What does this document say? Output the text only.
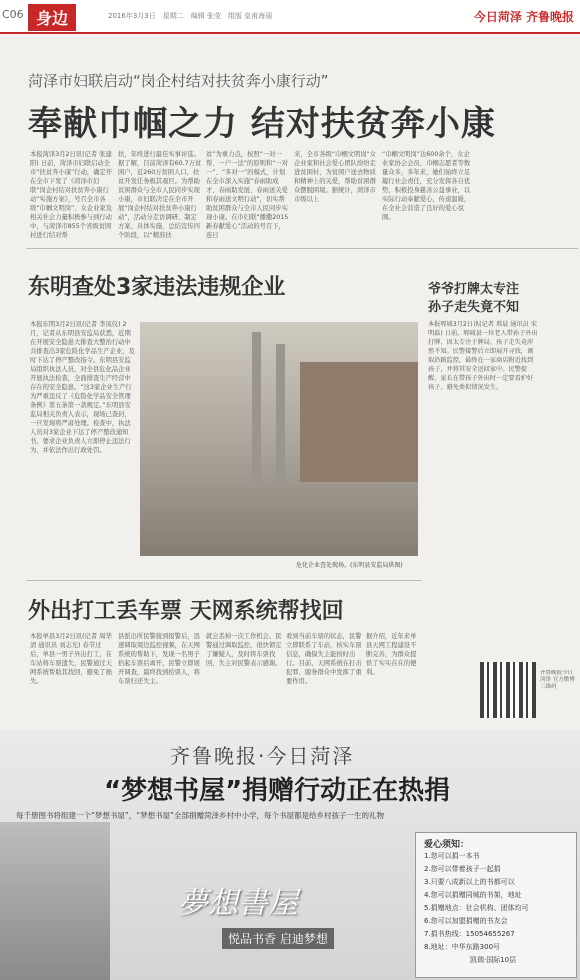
C06 身边	2016年3月3日　星期二　编辑 张莹　组版 皇甫海丽	今日菏泽 齐鲁晚报
菏泽市妇联启动“岗企村结对扶贫奔小康行动”
奉献巾帼之力 结对扶贫奔小康
本报菏泽3月2日讯(记者 张建阳) 日前，菏泽市妇联启动全市“扶贫奔小康”行动，确定开在全市下发了《菏泽市妇联“岗企村结对扶贫奔小康行动”实施方案》，号召全市各级“巾帼文明岗”、女企业家及相关社会力量积极参与到行动中，与菏泽市855个省级贫困村进行结对帮
扶，年终进行最佳实事评选。据了解，目前菏泽有60.7万贫困户，近260万贫困人口，扶贫开发任务极其艰巨。为帮助贫困群众与全市人民同步实现小康，市妇联决定在全市开展“岗企村结对扶贫奔小康行动”，活动分走访调研、制定方案、具体实施、总结宣传四个阶段，以“精准扶
贫”为重力点，按照“一对一帮、一户一法”的原则和“一对一”、“多对一”的模式，计划在全市深入实施“春雨助成才、春雨助发展、春雨送关爱和春雨送文明行动”，切实帮助贫困群众与全市人民同步实现小康。在市妇联“播撒2015新春献爱心”活动的号召下，连日
来，全市各级“巾帼文明岗”女企业家和社会爱心团队纷纷走进贫困村，为贫困户送去物质和精神上的关爱，帮助贫困群众摆脱困境。据统计，菏泽市市级以上
“巾帼文明岗”达600余个，女企业家协会会员、巾帼志愿者等数量众多，多年来，她们始终立足履行社会责任，充分发挥各自优势，积极投身慈善公益事业，以实际行动奉献爱心，传递温暖，在全社会营造了良好的爱心氛围。
爷爷打牌太专注
孙子走失竟不知
本报郓城3月2日讯(记者 邢晨 通讯员 宋明磊) 日前，郓城县一位老人带孙子外出打牌，因太专注于牌局，孩子走失竟浑然不知。民警接警后立即展开寻找，调取沿路监控，最终在一家商店附近找到孩子，并将其安全送回家中。民警提醒，家长在带孩子外出时一定要看护好孩子，避免类似情况发生。
齐鲁晚报今日菏泽 官方微博二维码
东明查处3家违法违规企业
本报东明3月2日讯(记者 李凤仪) 2月，记者从东明县安监局获悉，近期在开展安全隐患大排查大整治行动中共排查出3家危险化学品生产企业，及时下达了停产整改指令。东明县安监局组织执法人员，对全县危化品企业开展执法检查，全面排查生产经营中存在的安全隐患。“这3家企业生产行为严重违反了《危险化学品安全管理条例》第五条第一款规定。”东明县安监局相关负责人表示，现场已查封，一旦发现将严肃处理。检查中，执法人员对3家企业下达了停产整改通知书，要求企业负责人立即停止违法行为，并依法作出行政处罚。
危化企业查处现场。(东明县安监局供图)
外出打工丢车票 天网系统帮找回
本报单县3月2日讯(记者 周华清 通讯员 刘志光) 春节过后，单县一男子外出打工，在车站将车票遗失，民警通过天网系统帮助其找回，避免了损失。
县派出所民警接到报警后，迅速调取周边监控视频，在天网系统的帮助下，发现一名男子拾起车票后离开，民警立即展开调查，最终找到拾票人，将车票归还失主。
就会丢掉一次工作机会。民警通过调取监控，很快锁定了嫌疑人，及时将车票找回，失主对民警表示感谢。
看到当前车票的状态，民警立即联系了车站，核实车票信息，确保失主能按时出行。目前，天网系统在打击犯罪、服务群众中发挥了重要作用。
据介绍，近年来单县天网工程建设不断完善，为群众提供了实实在在的便利。
齐鲁晚报·今日菏泽
“梦想书屋”捐赠行动正在热捐
每千册图书将组建一个“梦想书屋”，“梦想书屋”全部捐赠菏泽乡村中小学，每个书屋都是给乡村孩子一生的礼物
夢想書屋
悦品书香 启迪梦想
爱心须知：
1.您可以捐一本书
2.您可以带着孩子一起捐
3.只要八成新以上的书都可以
4.您可以捐赠同城的书架，地址
5.捐赠地点：社会机构、团体均可
6.您可以加盟捐赠的书友会
7.捐书热线：15054655267
8.地址：中华东路300号
凯瑞·国际10层
